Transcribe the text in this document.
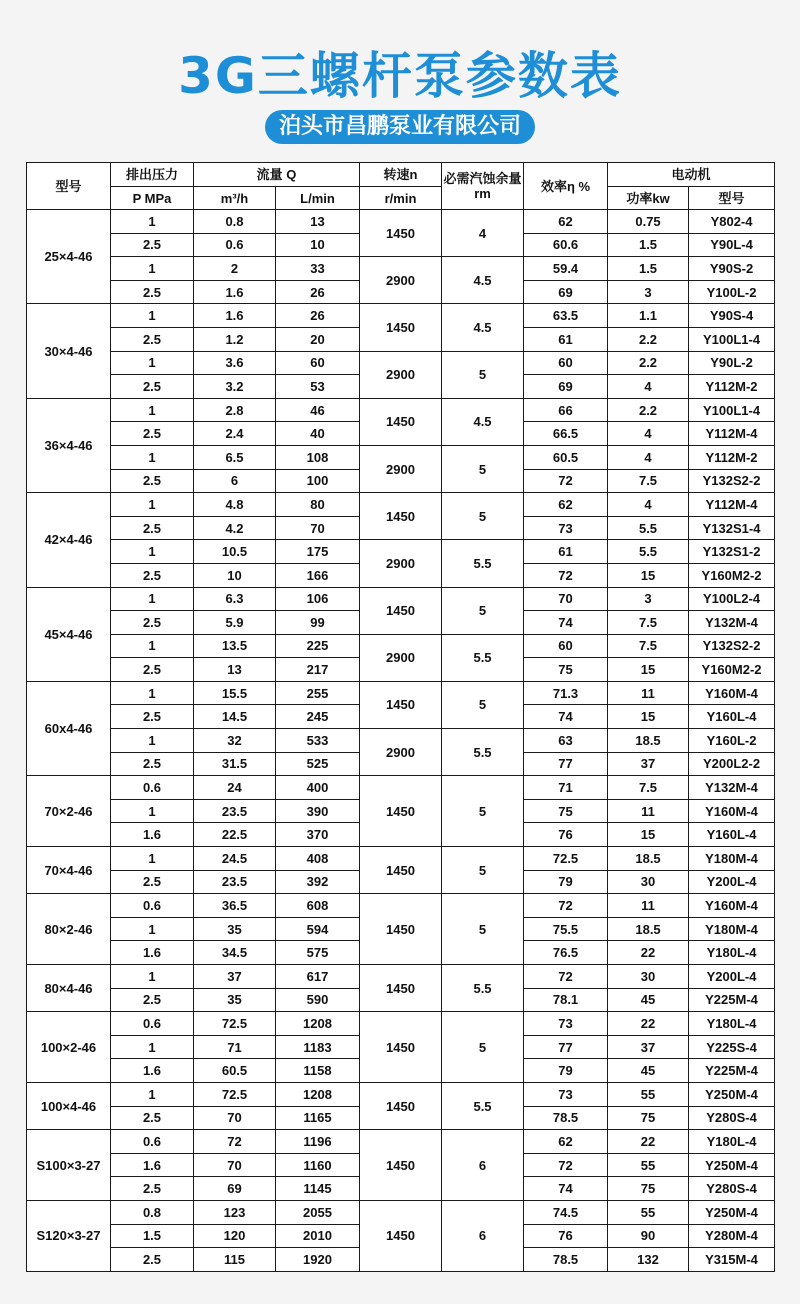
3G三螺杆泵参数表
泊头市昌鹏泵业有限公司
型号	排出压力	流量 Q		转速n	必需汽蚀余量 rm	效率η %	电动机	
	P MPa	m³/h	L/min	r/min			功率kw	型号
25×4-46	1	0.8	13	1450	4	62	0.75	Y802-4
	2.5	0.6	10			60.6	1.5	Y90L-4
	1	2	33	2900	4.5	59.4	1.5	Y90S-2
	2.5	1.6	26			69	3	Y100L-2
30×4-46	1	1.6	26	1450	4.5	63.5	1.1	Y90S-4
	2.5	1.2	20			61	2.2	Y100L1-4
	1	3.6	60	2900	5	60	2.2	Y90L-2
	2.5	3.2	53			69	4	Y112M-2
36×4-46	1	2.8	46	1450	4.5	66	2.2	Y100L1-4
	2.5	2.4	40			66.5	4	Y112M-4
	1	6.5	108	2900	5	60.5	4	Y112M-2
	2.5	6	100			72	7.5	Y132S2-2
42×4-46	1	4.8	80	1450	5	62	4	Y112M-4
	2.5	4.2	70			73	5.5	Y132S1-4
	1	10.5	175	2900	5.5	61	5.5	Y132S1-2
	2.5	10	166			72	15	Y160M2-2
45×4-46	1	6.3	106	1450	5	70	3	Y100L2-4
	2.5	5.9	99			74	7.5	Y132M-4
	1	13.5	225	2900	5.5	60	7.5	Y132S2-2
	2.5	13	217			75	15	Y160M2-2
60x4-46	1	15.5	255	1450	5	71.3	11	Y160M-4
	2.5	14.5	245			74	15	Y160L-4
	1	32	533	2900	5.5	63	18.5	Y160L-2
	2.5	31.5	525			77	37	Y200L2-2
70×2-46	0.6	24	400	1450	5	71	7.5	Y132M-4
	1	23.5	390			75	11	Y160M-4
	1.6	22.5	370			76	15	Y160L-4
70×4-46	1	24.5	408	1450	5	72.5	18.5	Y180M-4
	2.5	23.5	392			79	30	Y200L-4
80×2-46	0.6	36.5	608	1450	5	72	11	Y160M-4
	1	35	594			75.5	18.5	Y180M-4
	1.6	34.5	575			76.5	22	Y180L-4
80×4-46	1	37	617	1450	5.5	72	30	Y200L-4
	2.5	35	590			78.1	45	Y225M-4
100×2-46	0.6	72.5	1208	1450	5	73	22	Y180L-4
	1	71	1183			77	37	Y225S-4
	1.6	60.5	1158			79	45	Y225M-4
100×4-46	1	72.5	1208	1450	5.5	73	55	Y250M-4
	2.5	70	1165			78.5	75	Y280S-4
S100×3-27	0.6	72	1196	1450	6	62	22	Y180L-4
	1.6	70	1160			72	55	Y250M-4
	2.5	69	1145			74	75	Y280S-4
S120×3-27	0.8	123	2055	1450	6	74.5	55	Y250M-4
	1.5	120	2010			76	90	Y280M-4
	2.5	115	1920			78.5	132	Y315M-4
